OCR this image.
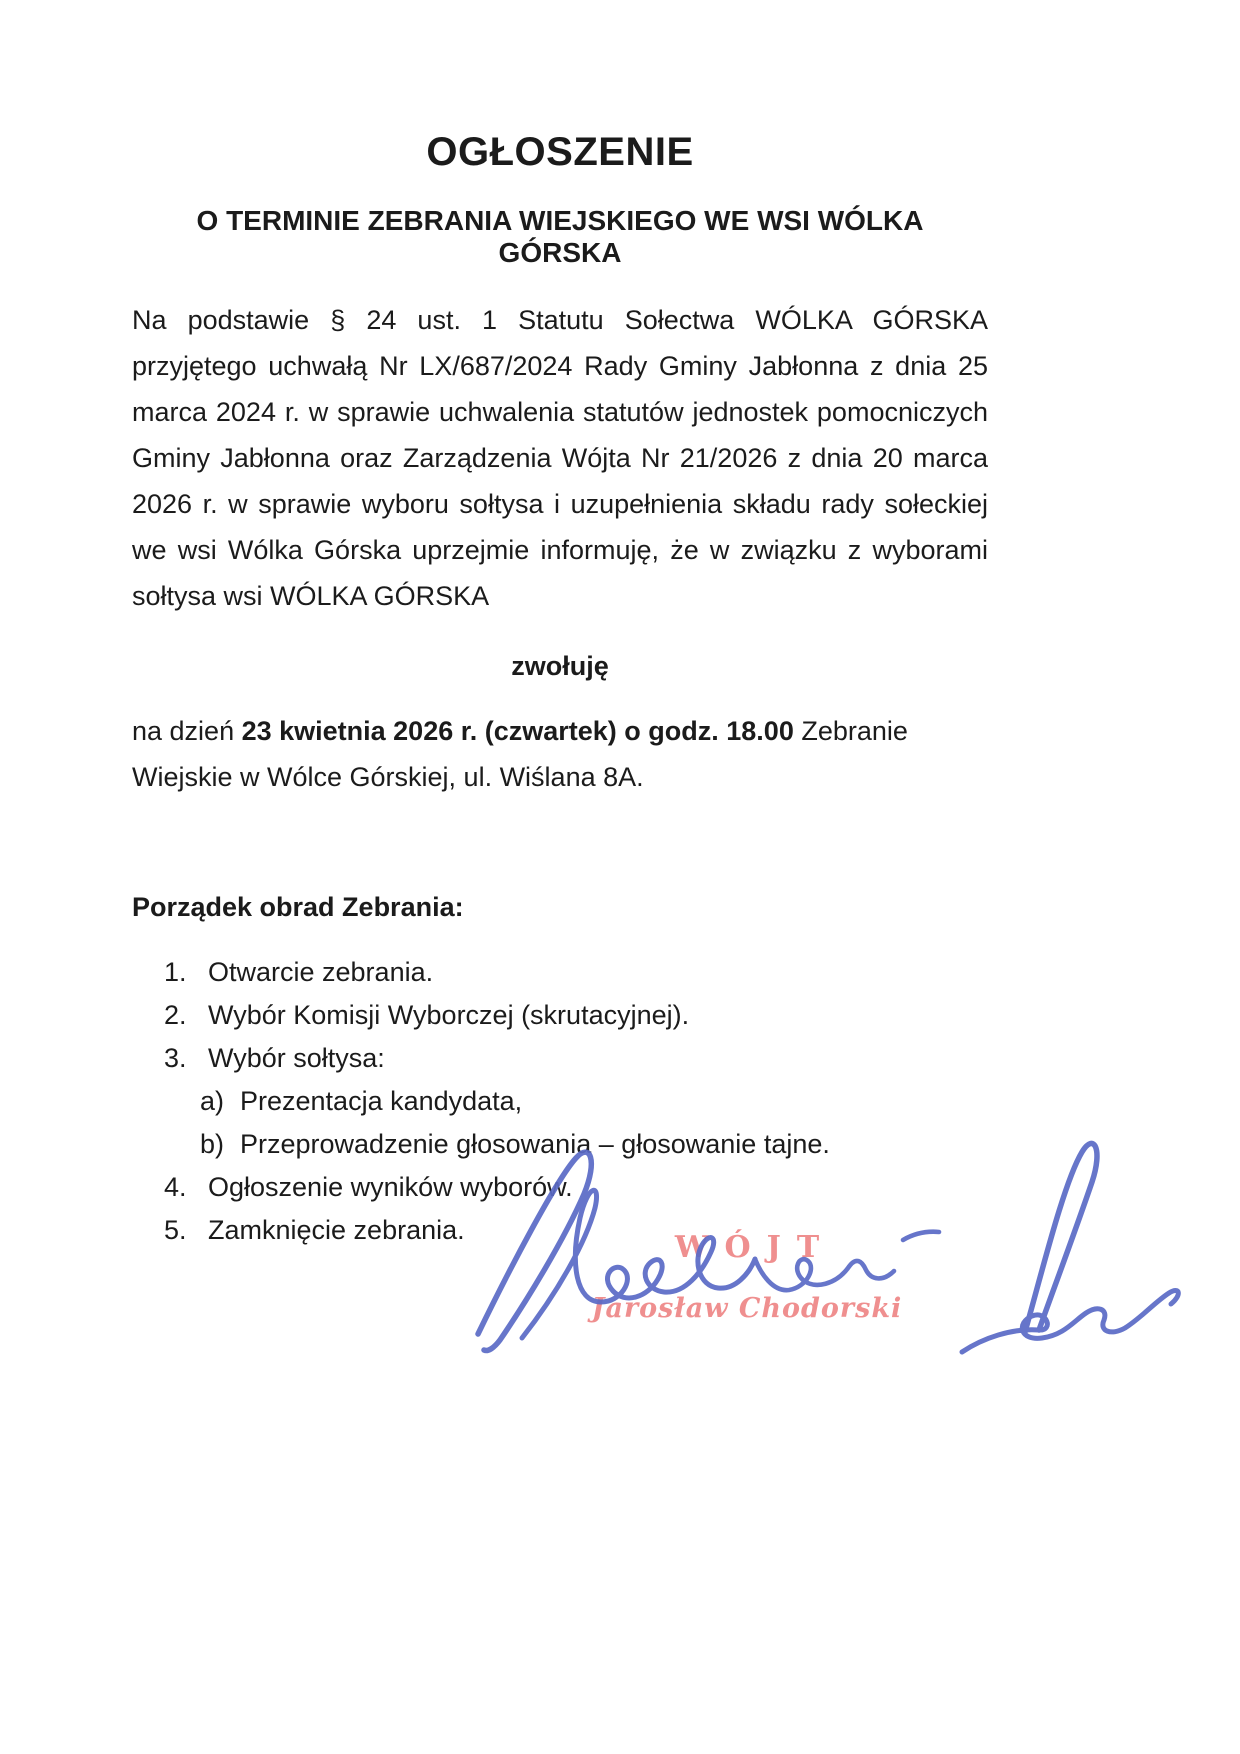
OGŁOSZENIE
O TERMINIE ZEBRANIA WIEJSKIEGO WE WSI WÓLKA GÓRSKA

Na podstawie § 24 ust. 1 Statutu Sołectwa WÓLKA GÓRSKA przyjętego uchwałą Nr LX/687/2024 Rady Gminy Jabłonna z dnia 25 marca 2024 r. w sprawie uchwalenia statutów jednostek pomocniczych Gminy Jabłonna oraz Zarządzenia Wójta Nr 21/2026 z dnia 20 marca 2026 r. w sprawie wyboru sołtysa i uzupełnienia składu rady sołeckiej we wsi Wólka Górska uprzejmie informuję, że w związku z wyborami sołtysa wsi WÓLKA GÓRSKA

zwołuję

na dzień 23 kwietnia 2026 r. (czwartek) o godz. 18.00 Zebranie Wiejskie w Wólce Górskiej, ul. Wiślana 8A.

Porządek obrad Zebrania:

1. Otwarcie zebrania.
2. Wybór Komisji Wyborczej (skrutacyjnej).
3. Wybór sołtysa:
a) Prezentacja kandydata,
b) Przeprowadzenie głosowania – głosowanie tajne.
4. Ogłoszenie wyników wyborów.
5. Zamknięcie zebrania.	WÓJT
Jarosław Chodorski
